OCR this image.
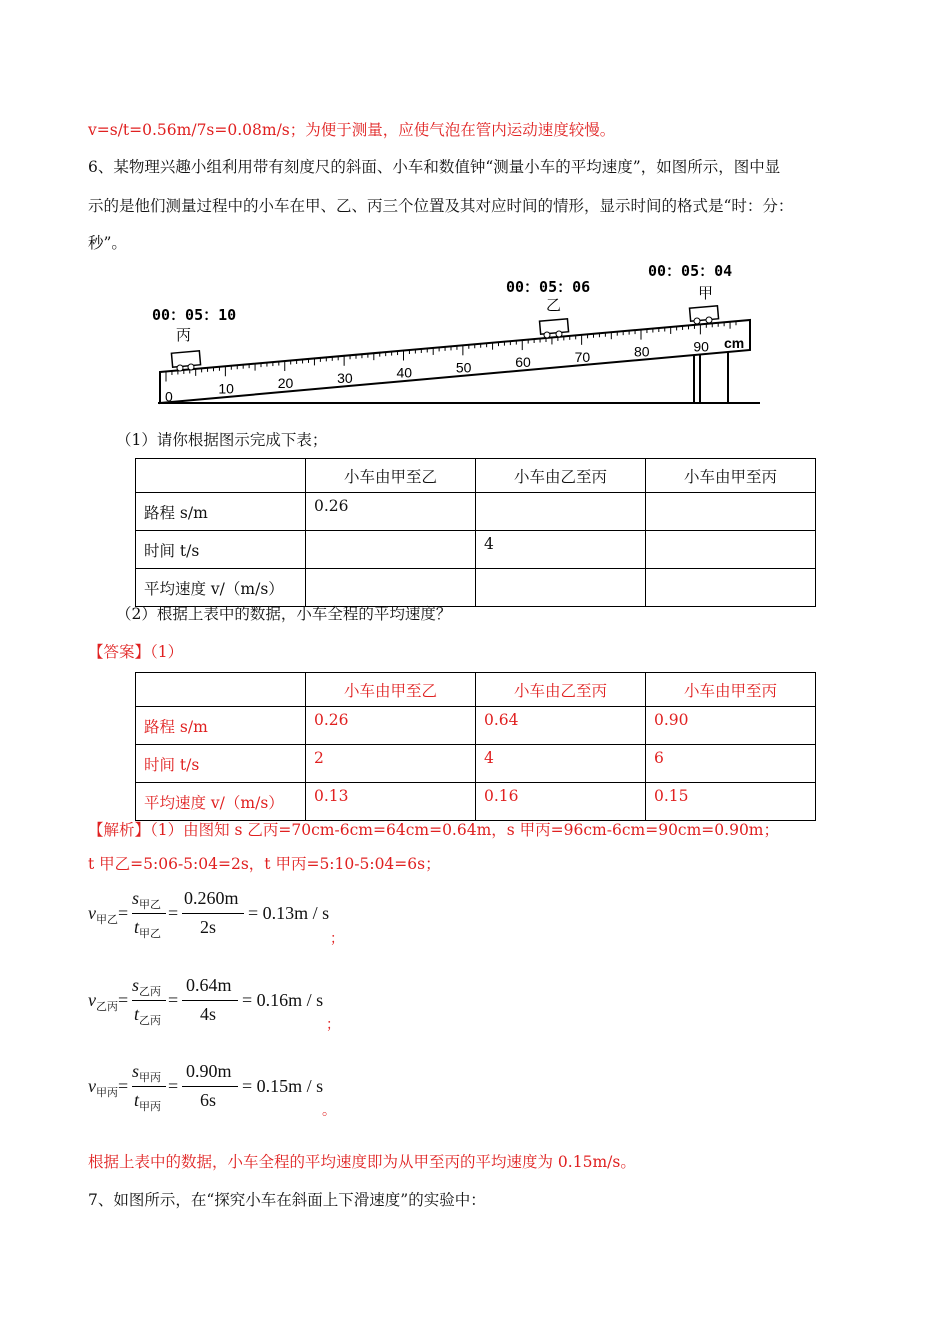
v=s/t=0.56m/7s=0.08m/s；为便于测量，应使气泡在管内运动速度较慢。
6、某物理兴趣小组利用带有刻度尺的斜面、小车和数值钟“测量小车的平均速度”，如图所示，图中显
示的是他们测量过程中的小车在甲、乙、丙三个位置及其对应时间的情形，显示时间的格式是“时：分：
秒”。
0
10	20	30	40	50	60	70	80	90 cm
00：05：10
00：05：06
00：05：04
丙
乙
甲
（1）请你根据图示完成下表；
	小车由甲至乙	小车由乙至丙	小车由甲至丙
路程 s/m	0.26		
时间 t/s		4	
平均速度 v/（m/s）			
（2）根据上表中的数据，小车全程的平均速度？
【答案】（1）
	小车由甲至乙	小车由乙至丙	小车由甲至丙
路程 s/m	0.26	0.64	0.90
时间 t/s	2	4	6
平均速度 v/（m/s）	0.13	0.16	0.15
【解析】（1）由图知 s 乙丙=70cm-6cm=64cm=0.64m，s 甲丙=96cm-6cm=90cm=0.90m；
t 甲乙=5:06-5:04=2s，t 甲丙=5:10-5:04=6s；
$v_{甲乙}=$
$s_{甲乙}$
$t_{甲乙}$
=
0.260m
2s
= 0.13m / s
；
$v_{乙丙}=$
$s_{乙丙}$
$t_{乙丙}$
=
0.64m
4s
= 0.16m / s
；
$v_{甲丙}=$
$s_{甲丙}$
$t_{甲丙}$
=
0.90m
6s
= 0.15m / s
。
根据上表中的数据，小车全程的平均速度即为从甲至丙的平均速度为 0.15m/s。
7、如图所示，在“探究小车在斜面上下滑速度”的实验中：
